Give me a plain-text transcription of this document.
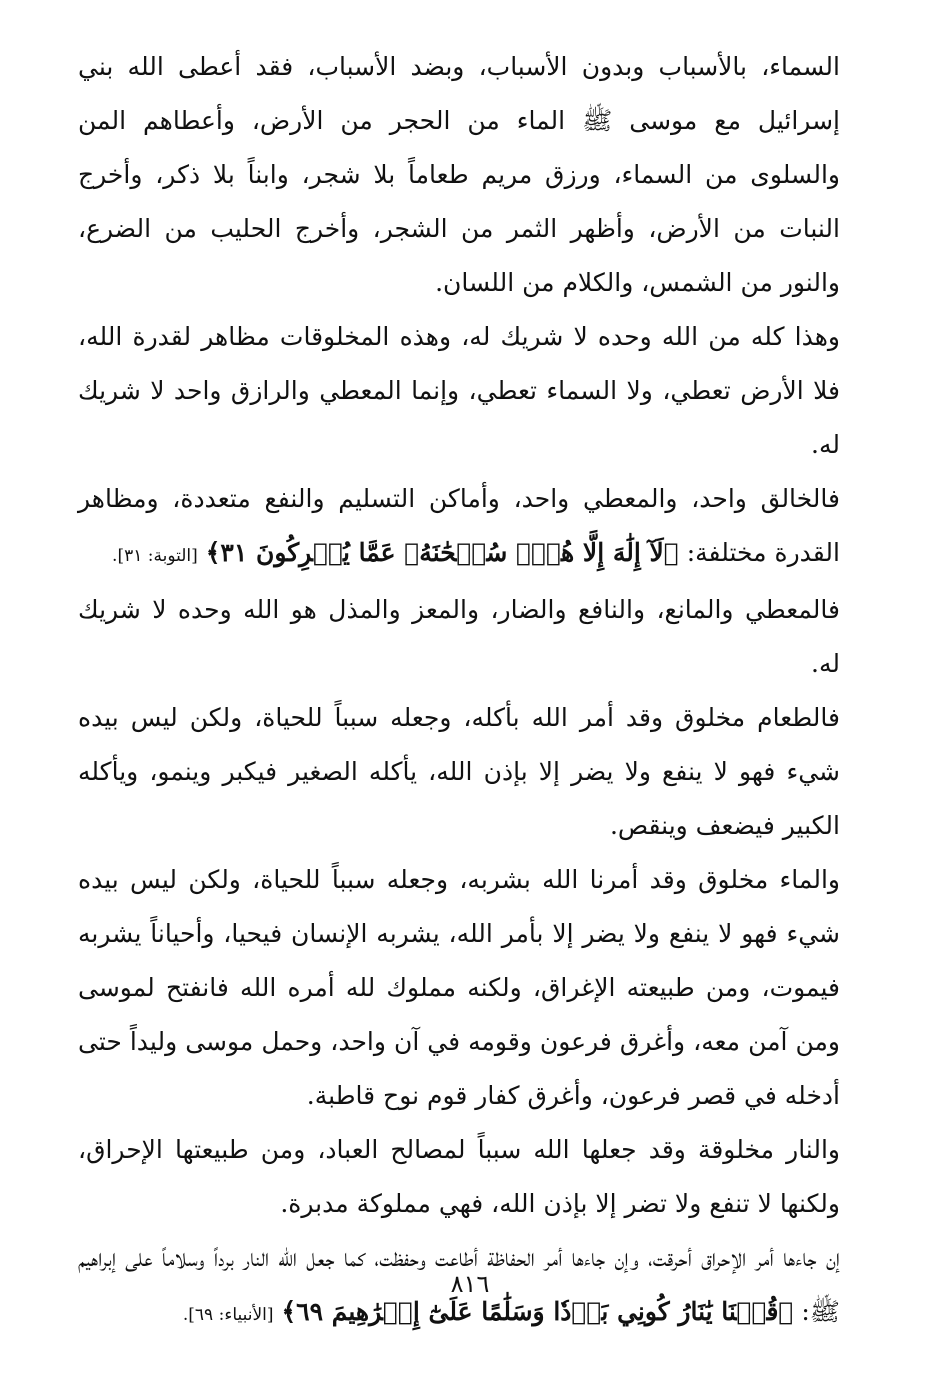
السماء، بالأسباب وبدون الأسباب، وبضد الأسباب، فقد أعطى الله بني إسرائيل مع موسى ﷺ الماء من الحجر من الأرض، وأعطاهم المن والسلوى من السماء، ورزق مريم طعاماً بلا شجر، وابناً بلا ذكر، وأخرج النبات من الأرض، وأظهر الثمر من الشجر، وأخرج الحليب من الضرع، والنور من الشمس، والكلام من اللسان.

وهذا كله من الله وحده لا شريك له، وهذه المخلوقات مظاهر لقدرة الله، فلا الأرض تعطي، ولا السماء تعطي، وإنما المعطي والرازق واحد لا شريك له.

فالخالق واحد، والمعطي واحد، وأماكن التسليم والنفع متعددة، ومظاهر القدرة مختلفة: ﴿لَآ إِلَٰهَ إِلَّا هُوَۚ سُبۡحَٰنَهُۥ عَمَّا يُشۡرِكُونَ ٣١﴾ [التوبة: ٣١].

فالمعطي والمانع، والنافع والضار، والمعز والمذل هو الله وحده لا شريك له.

فالطعام مخلوق وقد أمر الله بأكله، وجعله سبباً للحياة، ولكن ليس بيده شيء فهو لا ينفع ولا يضر إلا بإذن الله، يأكله الصغير فيكبر وينمو، ويأكله الكبير فيضعف وينقص.

والماء مخلوق وقد أمرنا الله بشربه، وجعله سبباً للحياة، ولكن ليس بيده شيء فهو لا ينفع ولا يضر إلا بأمر الله، يشربه الإنسان فيحيا، وأحياناً يشربه فيموت، ومن طبيعته الإغراق، ولكنه مملوك لله أمره الله فانفتح لموسى ومن آمن معه، وأغرق فرعون وقومه في آن واحد، وحمل موسى وليداً حتى أدخله في قصر فرعون، وأغرق كفار قوم نوح قاطبة.

والنار مخلوقة وقد جعلها الله سبباً لمصالح العباد، ومن طبيعتها الإحراق، ولكنها لا تنفع ولا تضر إلا بإذن الله، فهي مملوكة مدبرة.

إن جاءها أمر الإحراق أحرقت، وإن جاءها أمر الحفاظة أطاعت وحفظت، كما جعل الله النار برداً وسلاماً على إبراهيم ﷺ: ﴿قُلۡنَا يَٰنَارُ كُونِي بَرۡدٗا وَسَلَٰمًا عَلَىٰٓ إِبۡرَٰهِيمَ ٦٩﴾ [الأنبياء: ٦٩].

٨١٦
